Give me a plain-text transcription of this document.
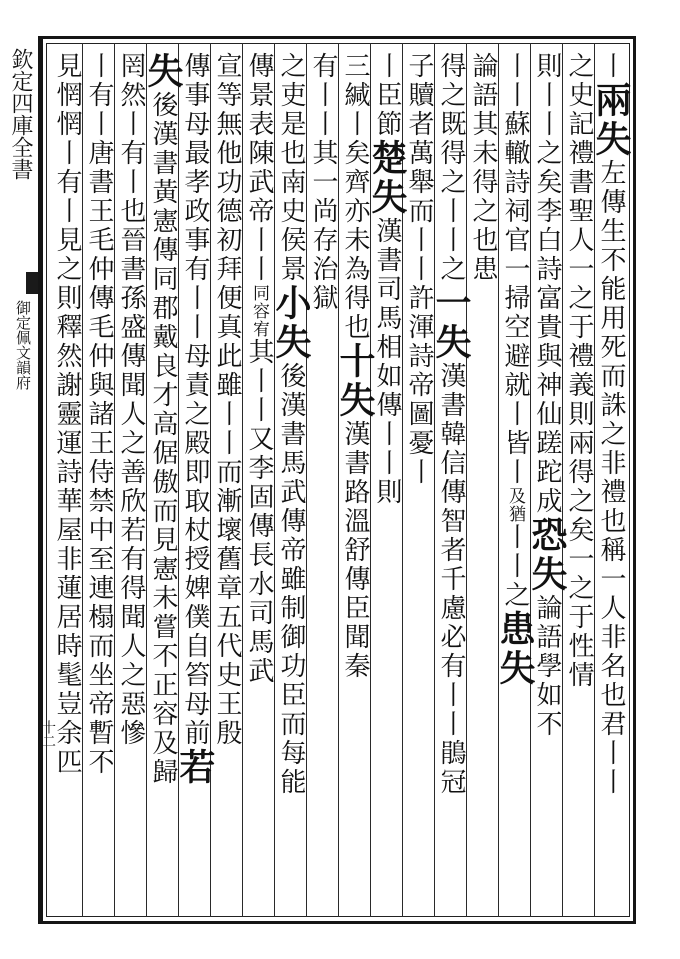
欽定四庫全書
御定佩文韻府
十二
丨兩失左傳生不能用死而誅之非禮也稱一人非名也君丨丨
之史記禮書聖人一之于禮義則兩得之矣一之于性情
則丨丨之矣李白詩富貴與神仙蹉跎成恐失論語學如不
丨丨蘇轍詩祠官一掃空避就丨皆丨及猶丨丨之患失
論語其未得之也患
得之既得之丨丨之一失漢書韓信傳智者千慮必有丨丨鵑冠
子贖者萬舉而丨丨許渾詩帝圖憂丨
丨臣節楚失漢書司馬相如傳丨丨則
三緘丨矣齊亦未為得也十失漢書路溫舒傳臣聞秦
有丨丨其一尚存治獄
之吏是也南史侯景小失後漢書馬武傳帝雖制御功臣而每能
傳景表陳武帝丨丨同容宥其丨丨又李固傳長水司馬武
宣等無他功德初拜便真此雖丨丨而漸壞舊章五代史王殷
傳事母最孝政事有丨丨母責之殿即取杖授婢僕自笞母前若
失後漢書黃憲傳同郡戴良才高倨傲而見憲未嘗不正容及歸
罔然丨有丨也晉書孫盛傳聞人之善欣若有得聞人之惡慘
丨有丨唐書王毛仲傳毛仲與諸王侍禁中至連榻而坐帝暫不
見惘惘丨有丨見之則釋然謝靈運詩華屋非蓮居時髦豈余匹
